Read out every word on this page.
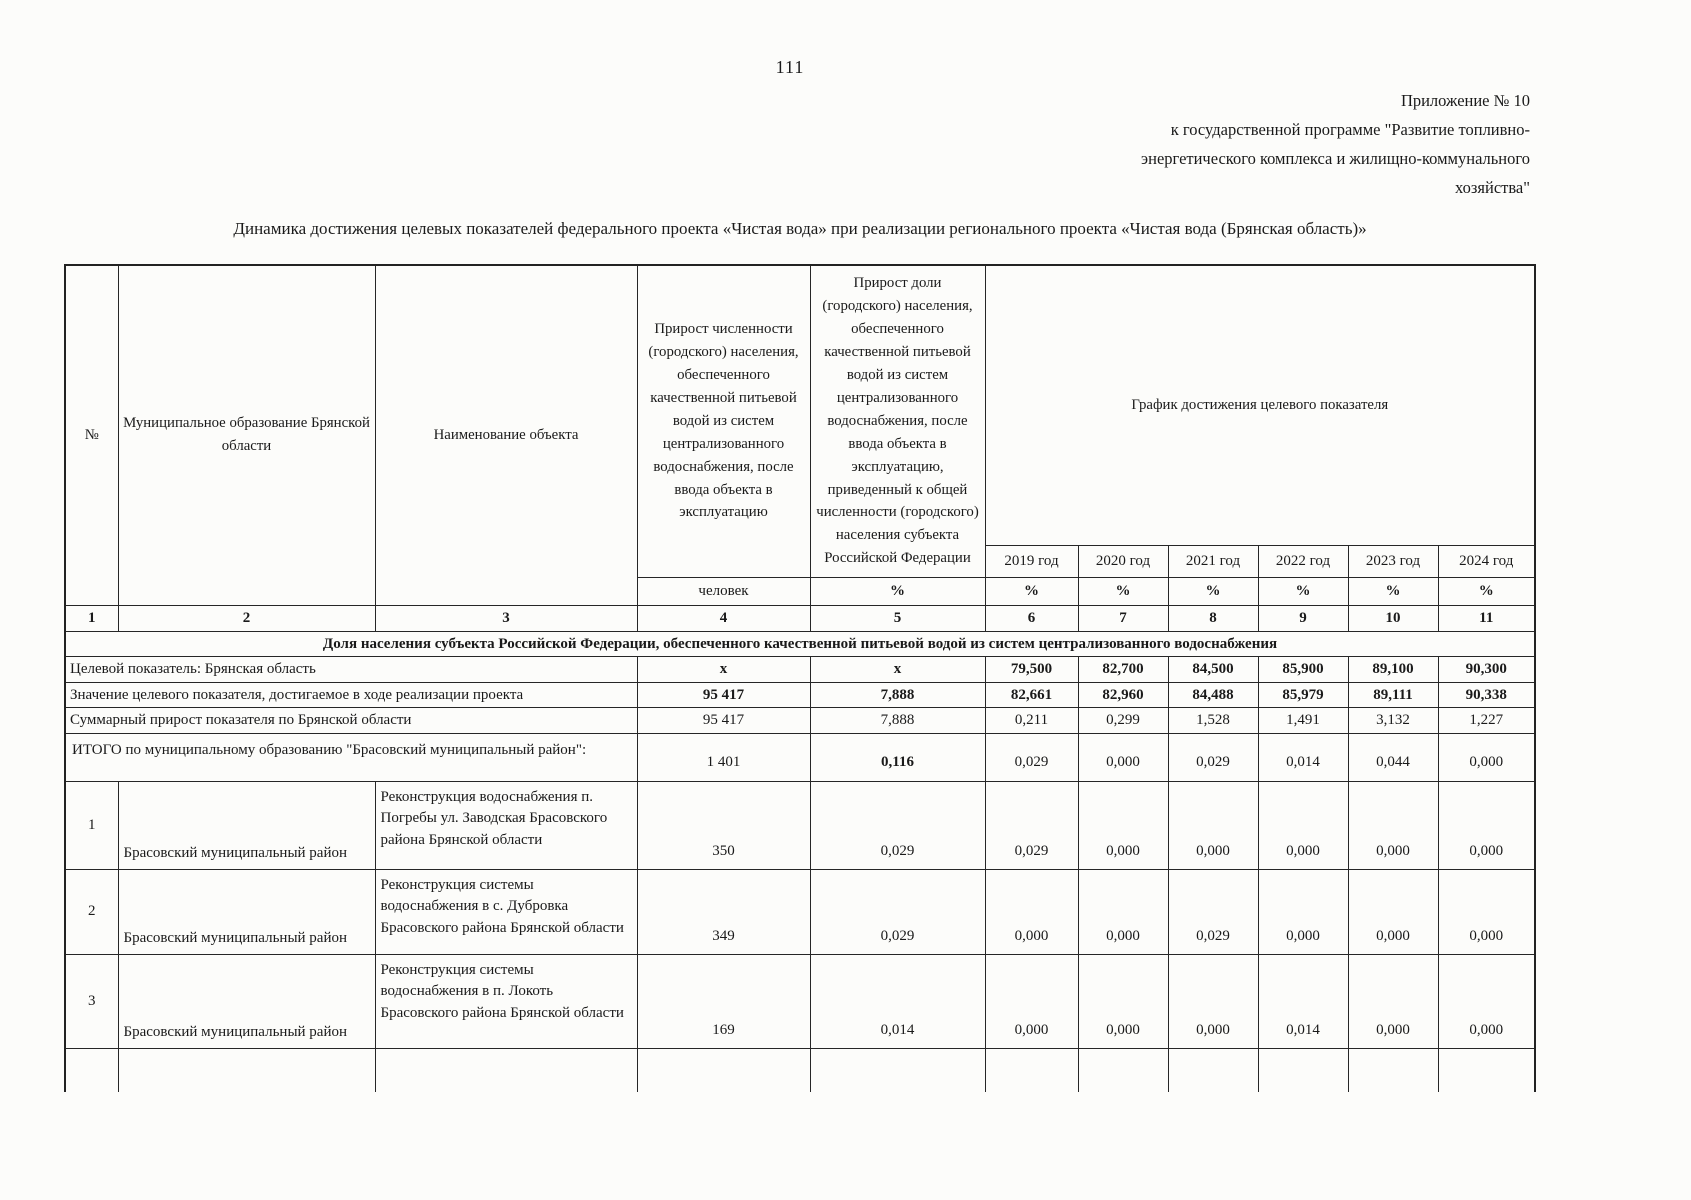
111
Приложение № 10
к государственной программе "Развитие топливно-
энергетического комплекса и жилищно-коммунального
хозяйства"
Динамика достижения целевых показателей федерального проекта «Чистая вода» при реализации регионального проекта «Чистая вода (Брянская область)»
№	Муниципальное образование Брянской области	Наименование объекта	Прирост численности (городского) населения, обеспеченного качественной питьевой водой из систем централизованного водоснабжения, после ввода объекта в эксплуатацию	Прирост доли (городского) населения, обеспеченного качественной питьевой водой из систем централизованного водоснабжения, после ввода объекта в эксплуатацию, приведенный к общей численности (городского) населения субъекта Российской Федерации	График достижения целевого показателя					
					2019 год	2020 год	2021 год	2022 год	2023 год	2024 год
			человек	%	%	%	%	%	%	%
1	2	3	4	5	6	7	8	9	10	11
Доля населения субъекта Российской Федерации, обеспеченного качественной питьевой водой из систем централизованного водоснабжения										
Целевой показатель: Брянская область			x	x	79,500	82,700	84,500	85,900	89,100	90,300
Значение целевого показателя, достигаемое в ходе реализации проекта			95 417	7,888	82,661	82,960	84,488	85,979	89,111	90,338
Суммарный прирост показателя по Брянской области			95 417	7,888	0,211	0,299	1,528	1,491	3,132	1,227
ИТОГО по муниципальному образованию "Брасовский муниципальный район":			1 401	0,116	0,029	0,000	0,029	0,014	0,044	0,000
1	Брасовский муниципальный район	Реконструкция водоснабжения п. Погребы ул. Заводская Брасовского района Брянской области	350	0,029	0,029	0,000	0,000	0,000	0,000	0,000
2	Брасовский муниципальный район	Реконструкция системы водоснабжения в с. Дубровка Брасовского района Брянской области	349	0,029	0,000	0,000	0,029	0,000	0,000	0,000
3	Брасовский муниципальный район	Реконструкция системы водоснабжения в п. Локоть Брасовского района Брянской области	169	0,014	0,000	0,000	0,000	0,014	0,000	0,000
